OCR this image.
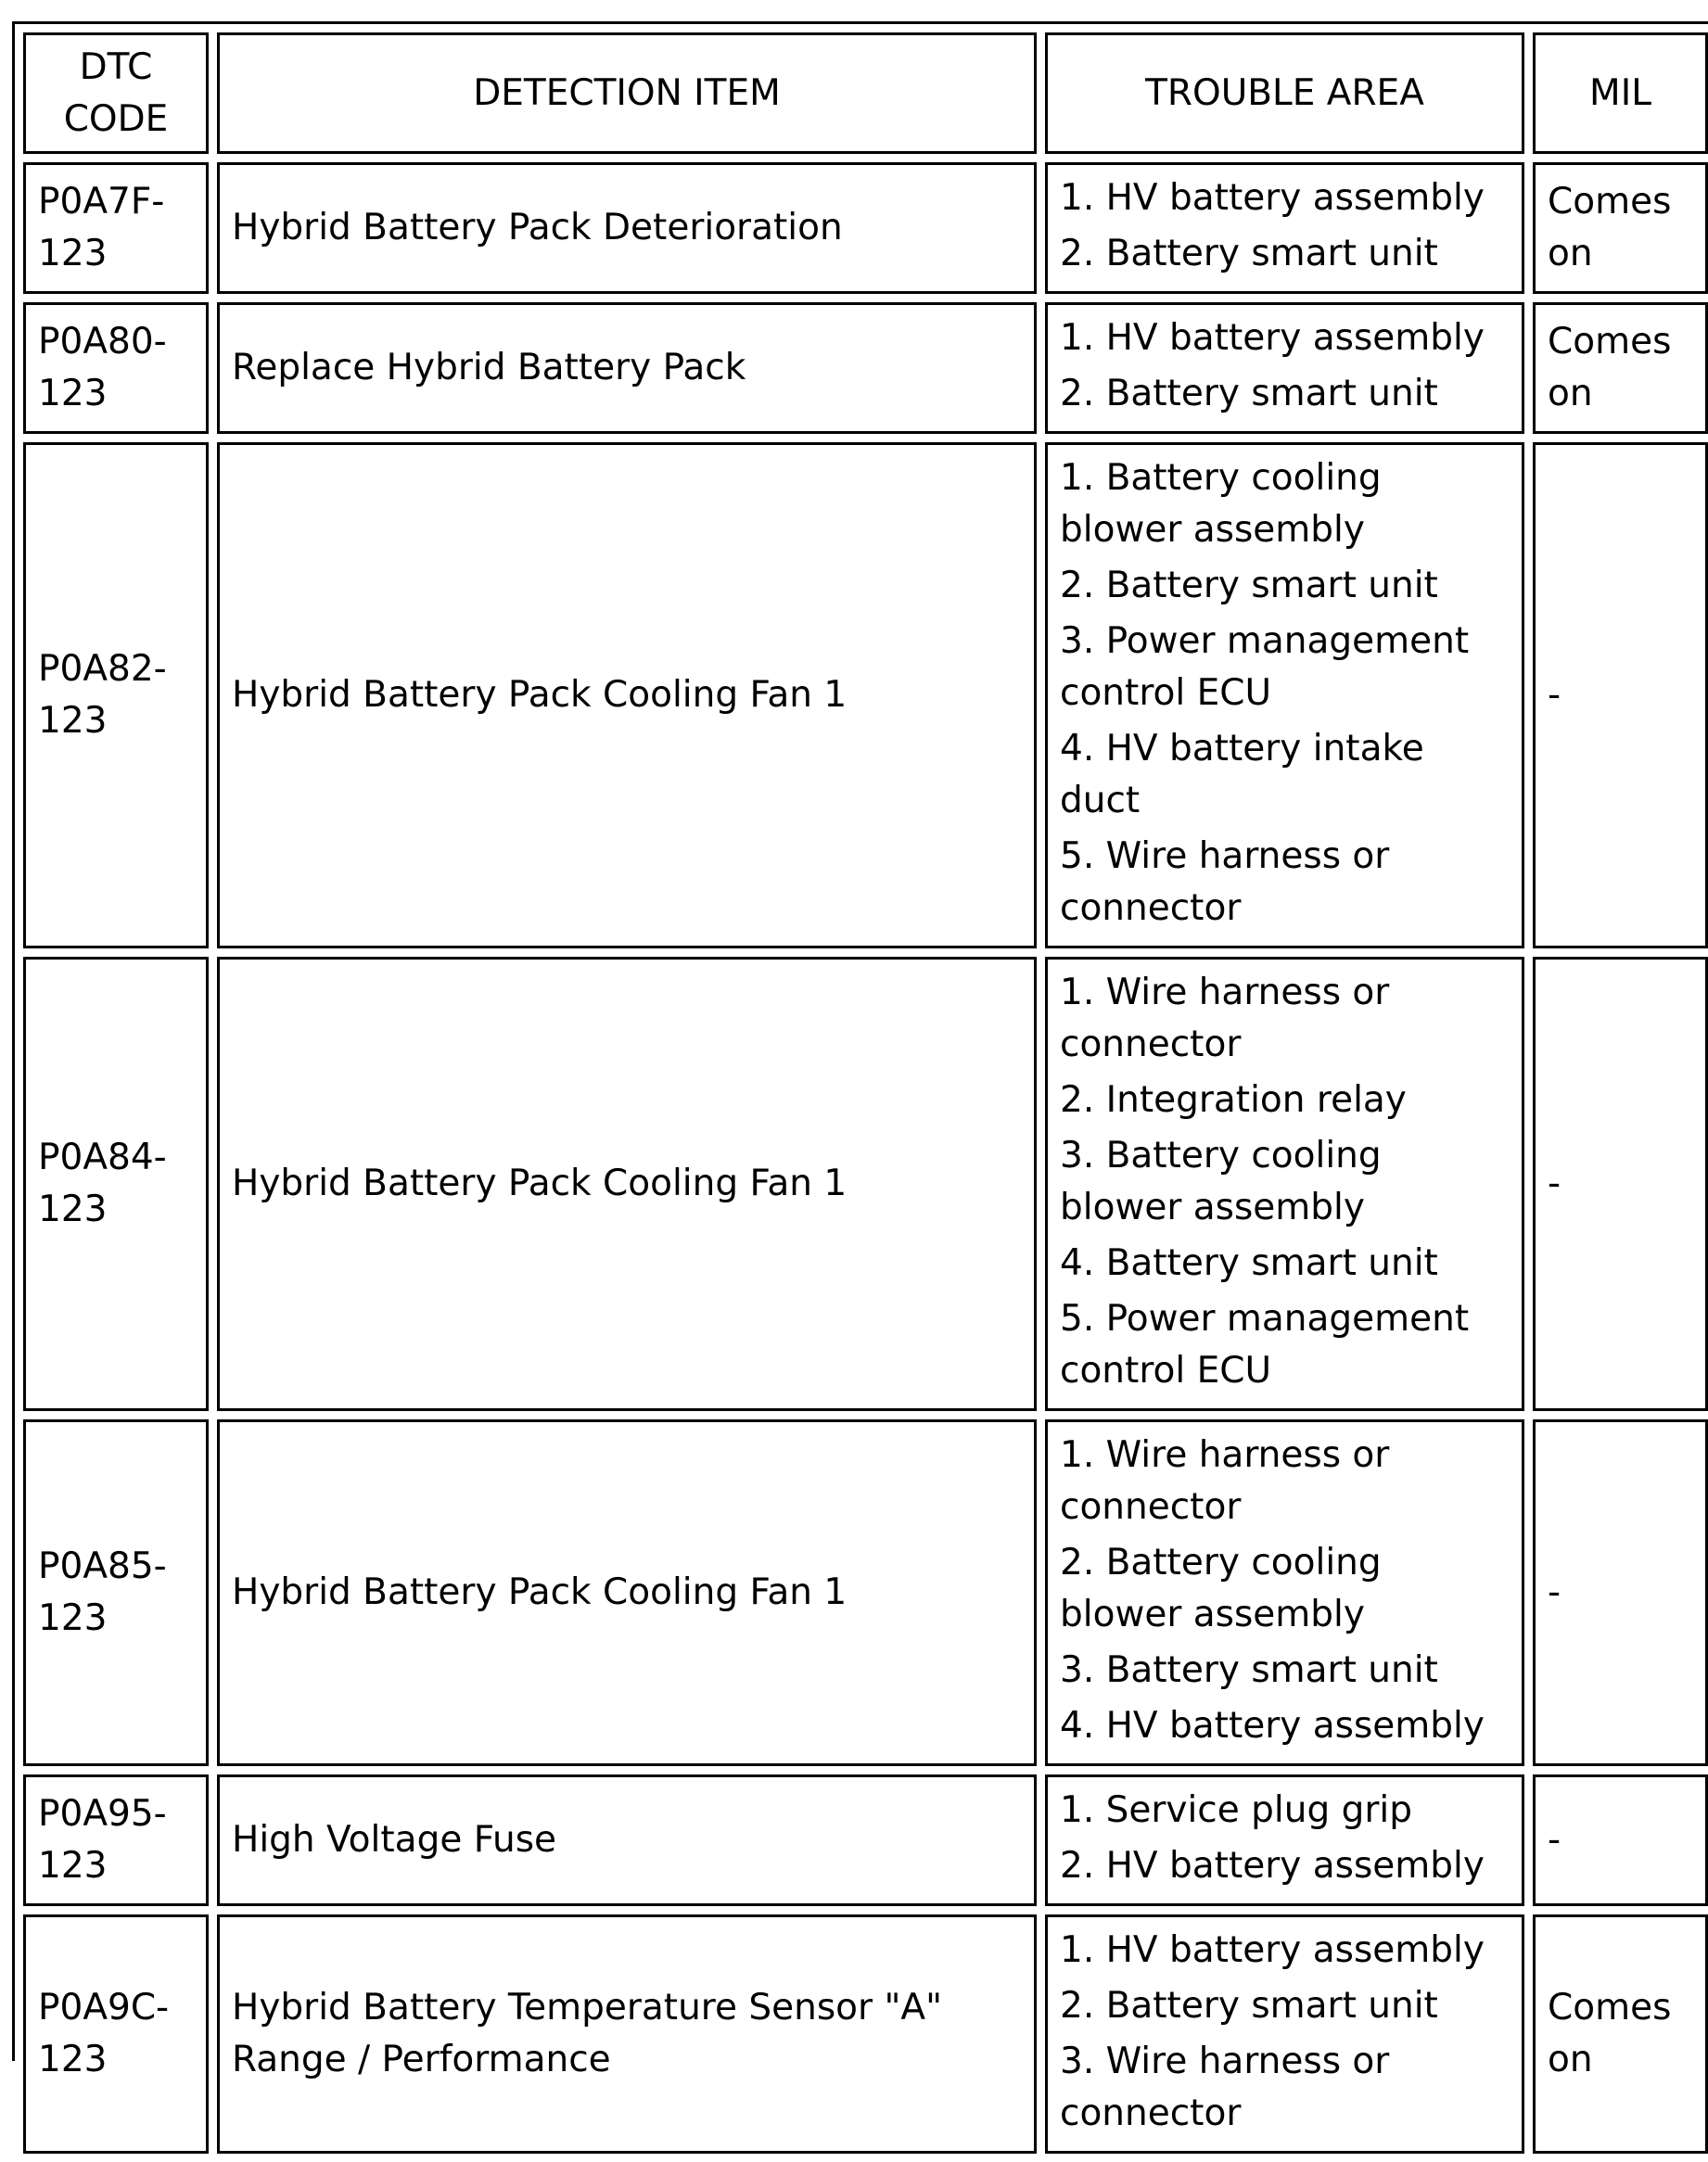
DTC CODE	DETECTION ITEM	TROUBLE AREA	MIL	
P0A7F-123	Hybrid Battery Pack Deterioration	1. HV battery assembly
2. Battery smart unit	Comes on	
P0A80-123	Replace Hybrid Battery Pack	1. HV battery assembly
2. Battery smart unit	Comes on	
P0A82-123	Hybrid Battery Pack Cooling Fan 1	1. Battery cooling blower assembly
2. Battery smart unit
3. Power management control ECU
4. HV battery intake duct
5. Wire harness or connector	-	
P0A84-123	Hybrid Battery Pack Cooling Fan 1	1. Wire harness or connector
2. Integration relay
3. Battery cooling blower assembly
4. Battery smart unit
5. Power management control ECU	-	
P0A85-123	Hybrid Battery Pack Cooling Fan 1	1. Wire harness or connector
2. Battery cooling blower assembly
3. Battery smart unit
4. HV battery assembly	-	
P0A95-123	High Voltage Fuse	1. Service plug grip
2. HV battery assembly	-	
P0A9C-123	Hybrid Battery Temperature Sensor "A" Range / Performance	1. HV battery assembly
2. Battery smart unit
3. Wire harness or connector	Comes on	
